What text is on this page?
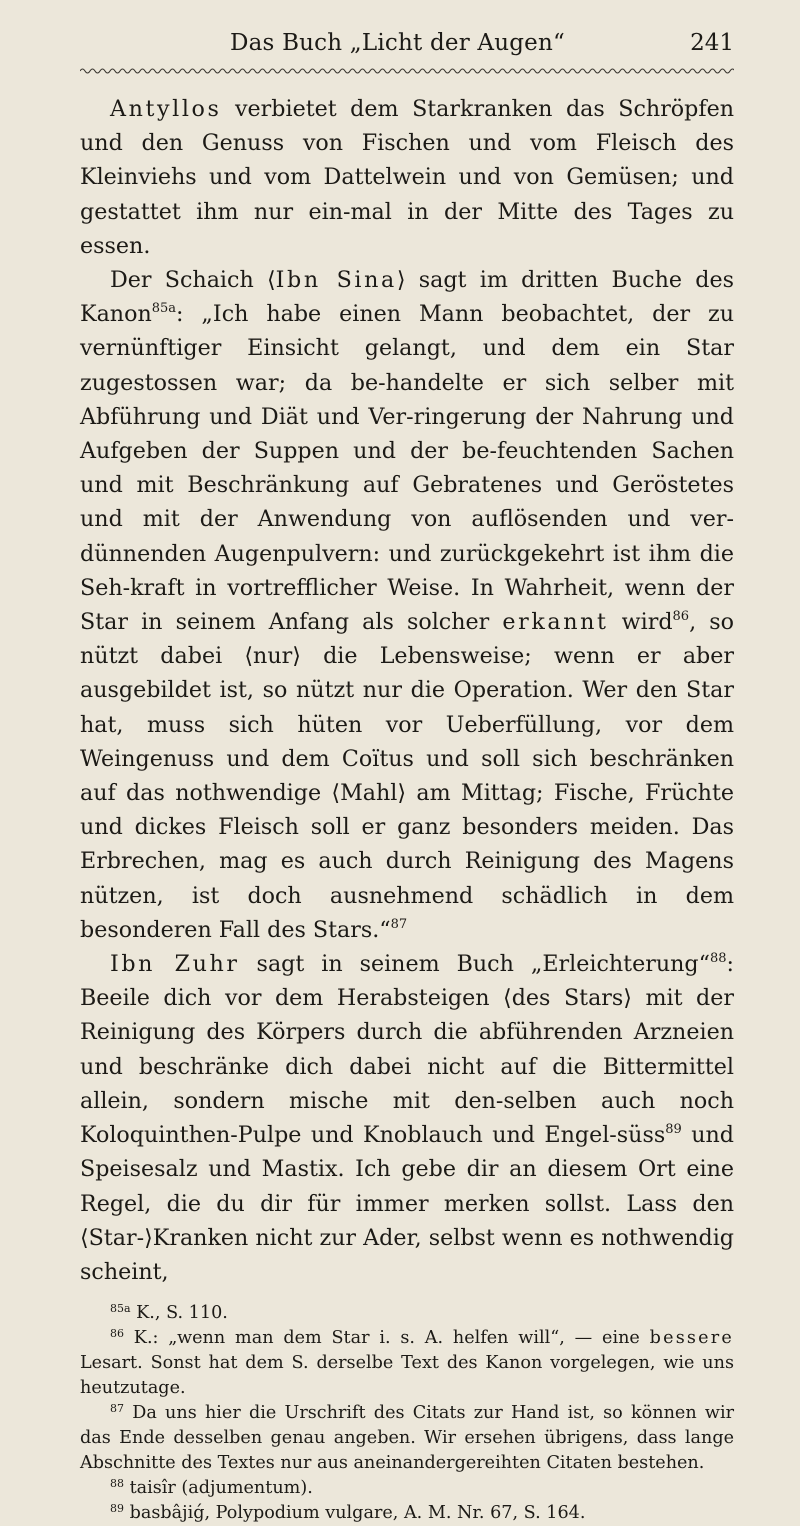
Das Buch „Licht der Augen“	241

Antyllos verbietet dem Starkranken das Schröpfen und den Genuss von Fischen und vom Fleisch des Kleinviehs und vom Dattelwein und von Gemüsen; und gestattet ihm nur ein-mal in der Mitte des Tages zu essen.

Der Schaich ⟨Ibn Sina⟩ sagt im dritten Buche des Kanon$^{85a}$: „Ich habe einen Mann beobachtet, der zu vernünftiger Einsicht gelangt, und dem ein Star zugestossen war; da be-handelte er sich selber mit Abführung und Diät und Ver-ringerung der Nahrung und Aufgeben der Suppen und der be-feuchtenden Sachen und mit Beschränkung auf Gebratenes und Geröstetes und mit der Anwendung von auflösenden und ver-dünnenden Augenpulvern: und zurückgekehrt ist ihm die Seh-kraft in vortrefflicher Weise. In Wahrheit, wenn der Star in seinem Anfang als solcher erkannt wird$^{86}$, so nützt dabei ⟨nur⟩ die Lebensweise; wenn er aber ausgebildet ist, so nützt nur die Operation. Wer den Star hat, muss sich hüten vor Ueberfüllung, vor dem Weingenuss und dem Coïtus und soll sich beschränken auf das nothwendige ⟨Mahl⟩ am Mittag; Fische, Früchte und dickes Fleisch soll er ganz besonders meiden. Das Erbrechen, mag es auch durch Reinigung des Magens nützen, ist doch ausnehmend schädlich in dem besonderen Fall des Stars.“$^{87}$

Ibn Zuhr sagt in seinem Buch „Erleichterung“$^{88}$: Beeile dich vor dem Herabsteigen ⟨des Stars⟩ mit der Reinigung des Körpers durch die abführenden Arzneien und beschränke dich dabei nicht auf die Bittermittel allein, sondern mische mit den-selben auch noch Koloquinthen-Pulpe und Knoblauch und Engel-süss$^{89}$ und Speisesalz und Mastix. Ich gebe dir an diesem Ort eine Regel, die du dir für immer merken sollst. Lass den ⟨Star-⟩Kranken nicht zur Ader, selbst wenn es nothwendig scheint,

$^{85a}$ K., S. 110.

$^{86}$ K.: „wenn man dem Star i. s. A. helfen will“, — eine bessere Lesart. Sonst hat dem S. derselbe Text des Kanon vorgelegen, wie uns heutzutage.

$^{87}$ Da uns hier die Urschrift des Citats zur Hand ist, so können wir das Ende desselben genau angeben. Wir ersehen übrigens, dass lange Abschnitte des Textes nur aus aneinandergereihten Citaten bestehen.

$^{88}$ taisîr (adjumentum).

$^{89}$ basbâjiǵ, Polypodium vulgare, A. M. Nr. 67, S. 164.
